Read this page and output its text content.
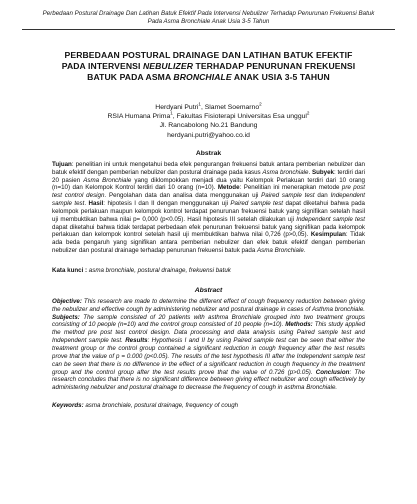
Perbedaan Postural Drainage Dan Latihan Batuk Efektif Pada Intervensi Nebulizer Terhadap Penurunan Frekuensi Batuk
Pada Asma Bronchiale Anak Usia 3-5 Tahun
PERBEDAAN POSTURAL DRAINAGE DAN LATIHAN BATUK EFEKTIF
PADA INTERVENSI NEBULIZER TERHADAP PENURUNAN FREKUENSI
BATUK PADA ASMA BRONCHIALE ANAK USIA 3-5 TAHUN
Herdyani Putri$^1$, Slamet Soemarno$^2$
RSIA Humana Prima$^1$, Fakultas Fisioterapi Universitas Esa unggul$^2$
Jl. Rancabolong No.21 Bandung
herdyani.putri@yahoo.co.id
Abstrak
Tujuan: penelitian ini untuk mengetahui beda efek pengurangan frekuensi batuk antara pemberian nebulizer dan batuk efektif dengan pemberian nebulizer dan postural drainage pada kasus Asma bronchiale. Subyek: terdiri dari 20 pasien Asma Bronchiale yang diklompokkan menjadi dua yaitu Kelompok Perlakuan terdiri dari 10 orang (n=10) dan Kelompok Kontrol terdiri dari 10 orang (n=10). Metode: Penelitian ini menerapkan metode pre post test control design. Pengolahan data dan analisa data menggunakan uji Paired sample test dan Independent sample test. Hasil: hipotesis I dan II dengan menggunakan uji Paired sample test dapat diketahui bahwa pada kelompok perlakuan maupun kelompok kontrol terdapat penurunan frekuensi batuk yang signifikan setelah hasil uji membuktikan bahwa nilai p= 0,000 (p<0.05). Hasil hipotesis III setelah dilakukan uji Independent sample test dapat diketahui bahwa tidak terdapat perbedaan efek penurunan frekuensi batuk yang signifikan pada kelompok perlakuan dan kelompok kontrol setelah hasil uji membuktikan bahwa nilai 0,726 (p>0,05). Kesimpulan: Tidak ada beda pengaruh yang signifikan antara pemberian nebulizer dan efek batuk efektif dengan pemberian nebulizer dan postural drainage terhadap penurunan frekuensi batuk pada Asma Bronchiale.
Kata kunci : asma bronchiale, postural drainage, frekuensi batuk
Abstract
Objective: This research are made to determine the different effect of cough frequency reduction between giving the nebulizer and effective cough by administering nebulizer and postural drainage in cases of Asthma bronchiale. Subjects: The sample consisted of 20 patients with asthma Bronchiale grouped into two treatment groups consisting of 10 people (n=10) and the control group consisted of 10 people (n=10). Methods: This study applied the method pre post test control design. Data processing and data analysis using Paired sample test and Independent sample test. Results: Hypothesis I and II by using Paired sample test can be seen that either the treatment group or the control group contained a significant reduction in cough frequency after the test results prove that the value of p = 0.000 (p<0.05). The results of the test hypothesis III after the Independent sample test can be seen that there is no difference in the effect of a significant reduction in cough frequency in the treatment group and the control group after the test results prove that the value of 0.726 (p>0.05). Conclusion: The research concludes that there is no significant difference between giving effect nebulizer and cough effectively by administering nebulizer and postural drainage to decrease the frequency of cough in asthma Bronchiale.
Keywords: asma bronchiale, postural drainage, frequency of cough
